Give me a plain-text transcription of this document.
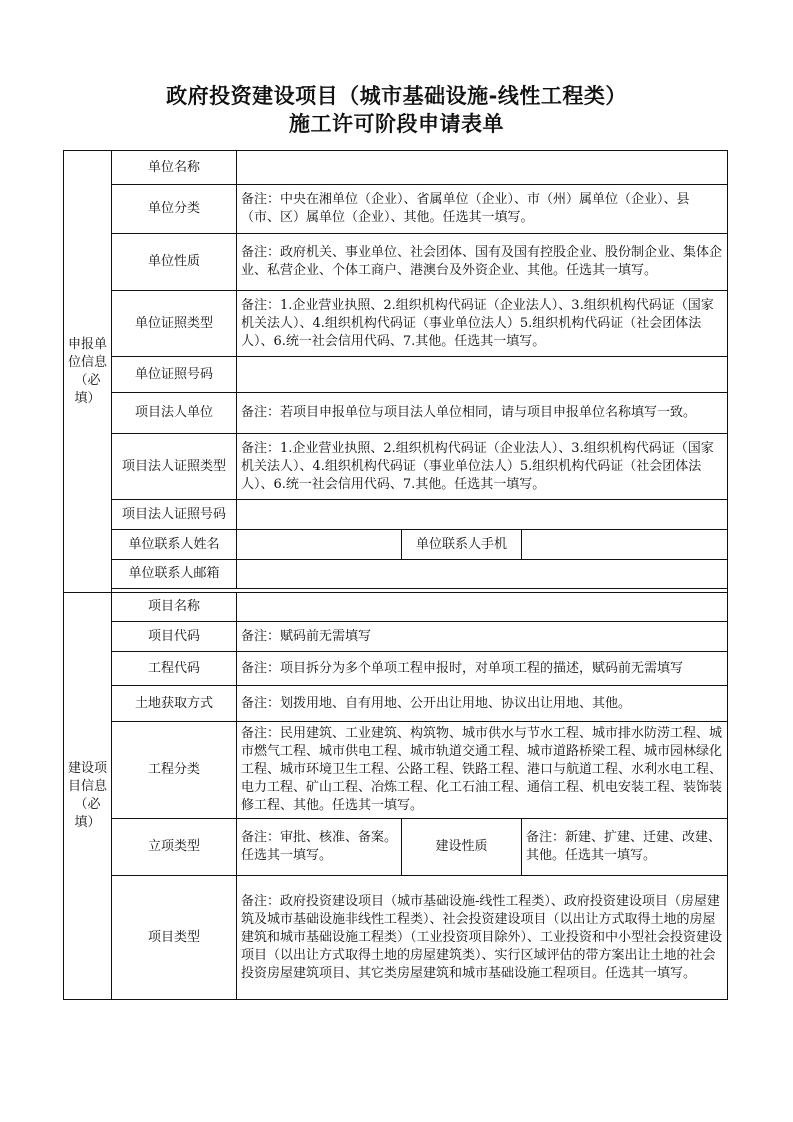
政府投资建设项目（城市基础设施-线性工程类）
施工许可阶段申请表单
申报单位信息（必填）	单位名称			
	单位分类	备注：中央在湘单位（企业）、省属单位（企业）、市（州）属单位（企业）、县（市、区）属单位（企业）、其他。任选其一填写。		
	单位性质	备注：政府机关、事业单位、社会团体、国有及国有控股企业、股份制企业、集体企业、私营企业、个体工商户、港澳台及外资企业、其他。任选其一填写。		
	单位证照类型	备注：1.企业营业执照、2.组织机构代码证（企业法人）、3.组织机构代码证（国家机关法人）、4.组织机构代码证（事业单位法人）5.组织机构代码证（社会团体法人）、6.统一社会信用代码、7.其他。任选其一填写。		
	单位证照号码			
	项目法人单位	备注：若项目申报单位与项目法人单位相同，请与项目申报单位名称填写一致。		
	项目法人证照类型	备注：1.企业营业执照、2.组织机构代码证（企业法人）、3.组织机构代码证（国家机关法人）、4.组织机构代码证（事业单位法人）5.组织机构代码证（社会团体法人）、6.统一社会信用代码、7.其他。任选其一填写。		
	项目法人证照号码			
	单位联系人姓名		单位联系人手机	
	单位联系人邮箱			

建设项目信息（必填）	项目名称			
	项目代码	备注：赋码前无需填写		
	工程代码	备注：项目拆分为多个单项工程申报时，对单项工程的描述，赋码前无需填写		
	土地获取方式	备注：划拨用地、自有用地、公开出让用地、协议出让用地、其他。		
	工程分类	备注：民用建筑、工业建筑、构筑物、城市供水与节水工程、城市排水防涝工程、城市燃气工程、城市供电工程、城市轨道交通工程、城市道路桥梁工程、城市园林绿化工程、城市环境卫生工程、公路工程、铁路工程、港口与航道工程、水利水电工程、电力工程、矿山工程、冶炼工程、化工石油工程、通信工程、机电安装工程、装饰装修工程、其他。任选其一填写。		
	立项类型	备注：审批、核准、备案。任选其一填写。	建设性质	备注：新建、扩建、迁建、改建、其他。任选其一填写。
	项目类型	备注：政府投资建设项目（城市基础设施-线性工程类）、政府投资建设项目（房屋建筑及城市基础设施非线性工程类）、社会投资建设项目（以出让方式取得土地的房屋建筑和城市基础设施工程类）（工业投资项目除外）、工业投资和中小型社会投资建设项目（以出让方式取得土地的房屋建筑类）、实行区域评估的带方案出让土地的社会投资房屋建筑项目、其它类房屋建筑和城市基础设施工程项目。任选其一填写。		
